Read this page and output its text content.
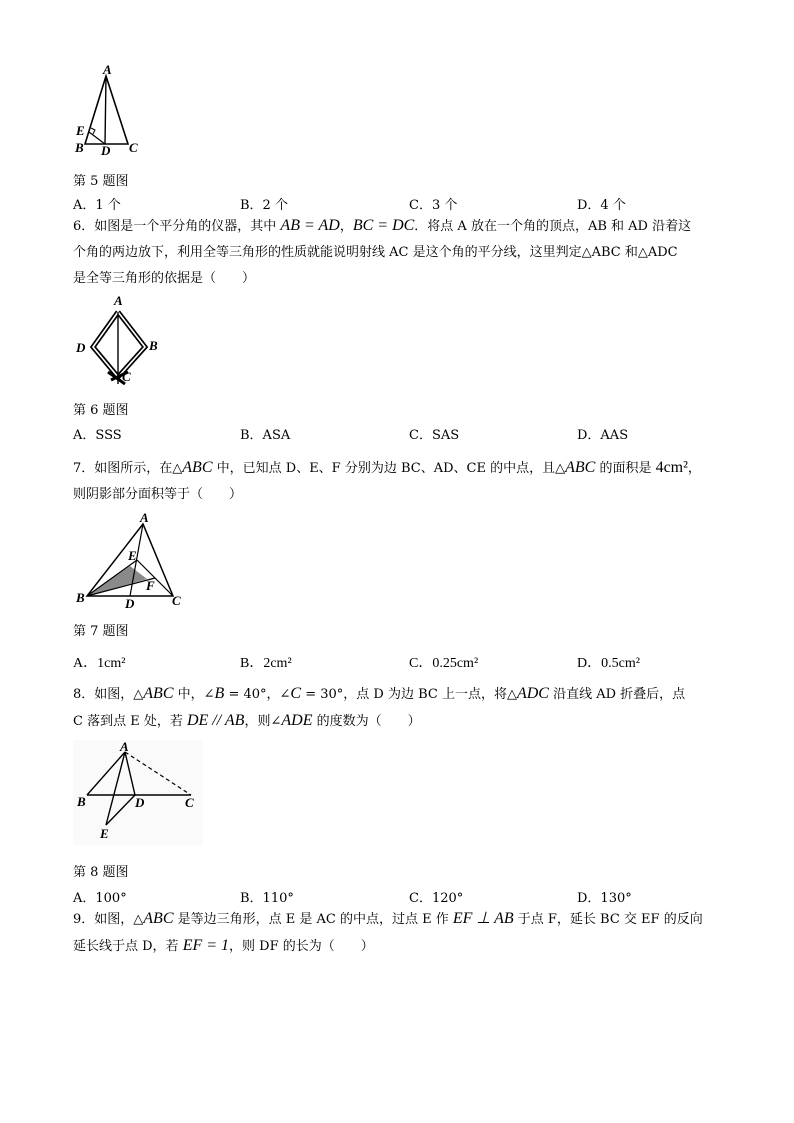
A
E
B D C
第 5 题图
A．1 个	B．2 个	C．3 个	D．4 个
6．如图是一个平分角的仪器，其中 AB = AD，BC = DC．将点 A 放在一个角的顶点，AB 和 AD 沿着这
个角的两边放下，利用全等三角形的性质就能说明射线 AC 是这个角的平分线，这里判定△ABC 和△ADC
是全等三角形的依据是（　　）
A
D	B
C
第 6 题图
A．SSS	B．ASA	C．SAS	D．AAS
7．如图所示，在△ABC 中，已知点 D、E、F 分别为边 BC、AD、CE 的中点，且△ABC 的面积是 4cm²，
则阴影部分面积等于（　　）
A
E
F
B	D	C
第 7 题图
A．1cm²	B．2cm²	C．0.25cm²	D．0.5cm²
8．如图，△ABC 中，∠B = 40°，∠C = 30°，点 D 为边 BC 上一点，将△ADC 沿直线 AD 折叠后，点
C 落到点 E 处，若 DE // AB，则∠ADE 的度数为（　　）
A
B	D	C
E
第 8 题图
A．100°	B．110°	C．120°	D．130°
9．如图，△ABC 是等边三角形，点 E 是 AC 的中点，过点 E 作 EF ⊥ AB 于点 F，延长 BC 交 EF 的反向
延长线于点 D，若 EF = 1，则 DF 的长为（　　）
